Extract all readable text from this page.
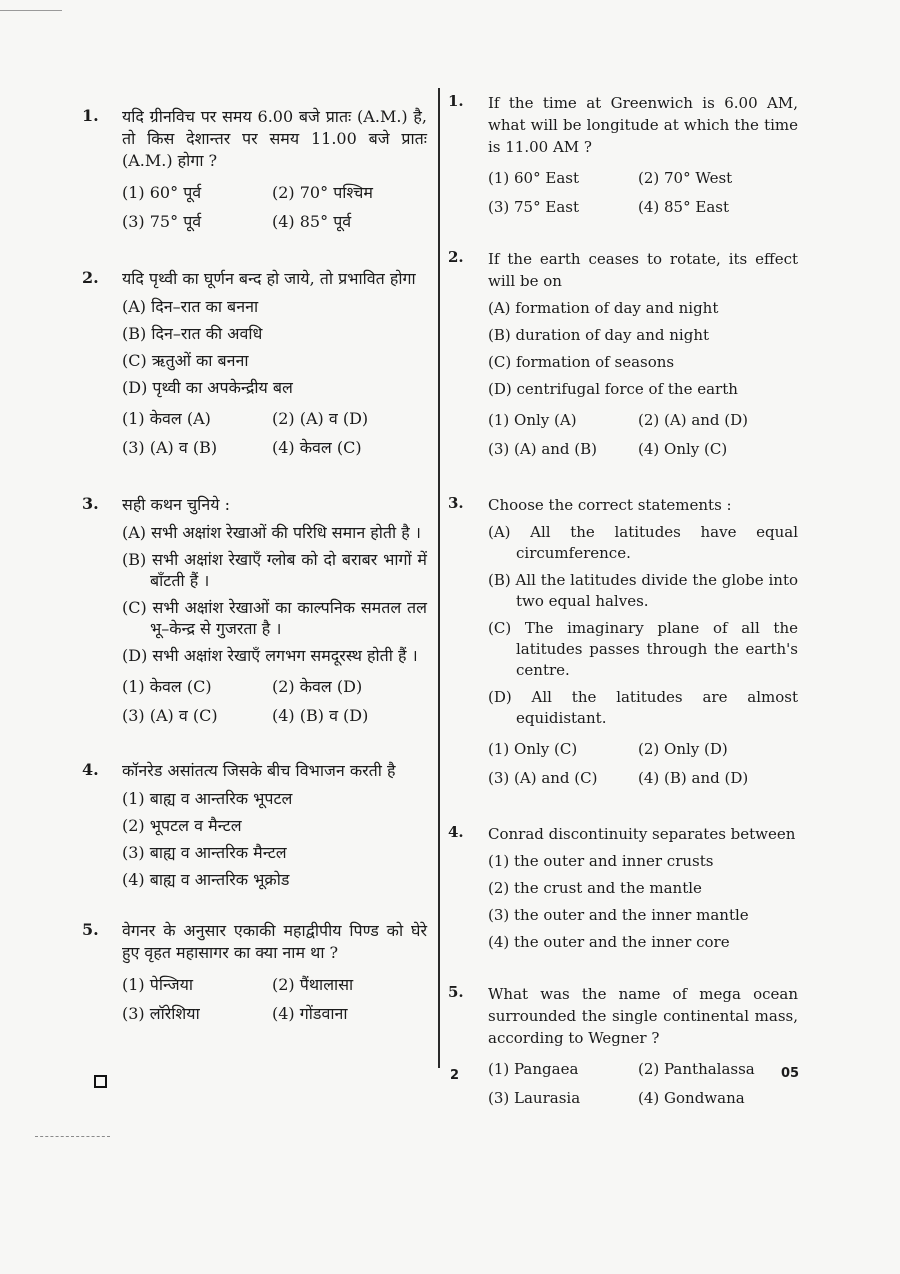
1. यदि ग्रीनविच पर समय 6.00 बजे प्रातः (A.M.) है, तो किस देशान्तर पर समय 11.00 बजे प्रातः (A.M.) होगा ?
(1) 60° पूर्व	(2) 70° पश्चिम
(3) 75° पूर्व	(4) 85° पूर्व
2. यदि पृथ्वी का घूर्णन बन्द हो जाये, तो प्रभावित होगा
(A) दिन–रात का बनना
(B) दिन–रात की अवधि
(C) ऋतुओं का बनना
(D) पृथ्वी का अपकेन्द्रीय बल
(1) केवल (A)	(2) (A) व (D)
(3) (A) व (B)	(4) केवल (C)
3. सही कथन चुनिये :
(A) सभी अक्षांश रेखाओं की परिधि समान होती है ।
(B) सभी अक्षांश रेखाएँ ग्लोब को दो बराबर भागों में बाँटती हैं ।
(C) सभी अक्षांश रेखाओं का काल्पनिक समतल तल भू–केन्द्र से गुजरता है ।
(D) सभी अक्षांश रेखाएँ लगभग समदूरस्थ होती हैं ।
(1) केवल (C)	(2) केवल (D)
(3) (A) व (C)	(4) (B) व (D)
4. कॉनरेड असांतत्य जिसके बीच विभाजन करती है
(1) बाह्य व आन्तरिक भूपटल
(2) भूपटल व मैन्टल
(3) बाह्य व आन्तरिक मैन्टल
(4) बाह्य व आन्तरिक भूक्रोड
5. वेगनर के अनुसार एकाकी महाद्वीपीय पिण्ड को घेरे हुए वृहत महासागर का क्या नाम था ?
(1) पेन्जिया	(2) पैंथालासा
(3) लॉरेशिया	(4) गोंडवाना
1. If the time at Greenwich is 6.00 AM, what will be longitude at which the time is 11.00 AM ?
(1) 60° East	(2) 70° West
(3) 75° East	(4) 85° East
2. If the earth ceases to rotate, its effect will be on
(A) formation of day and night
(B) duration of day and night
(C) formation of seasons
(D) centrifugal force of the earth
(1) Only (A)	(2) (A) and (D)
(3) (A) and (B)	(4) Only (C)
3. Choose the correct statements :
(A) All the latitudes have equal circumference.
(B) All the latitudes divide the globe into two equal halves.
(C) The imaginary plane of all the latitudes passes through the earth's centre.
(D) All the latitudes are almost equidistant.
(1) Only (C)	(2) Only (D)
(3) (A) and (C)	(4) (B) and (D)
4. Conrad discontinuity separates between
(1) the outer and inner crusts
(2) the crust and the mantle
(3) the outer and the inner mantle
(4) the outer and the inner core
5. What was the name of mega ocean surrounded the single continental mass, according to Wegner ?
(1) Pangaea	(2) Panthalassa
(3) Laurasia	(4) Gondwana
2	05
